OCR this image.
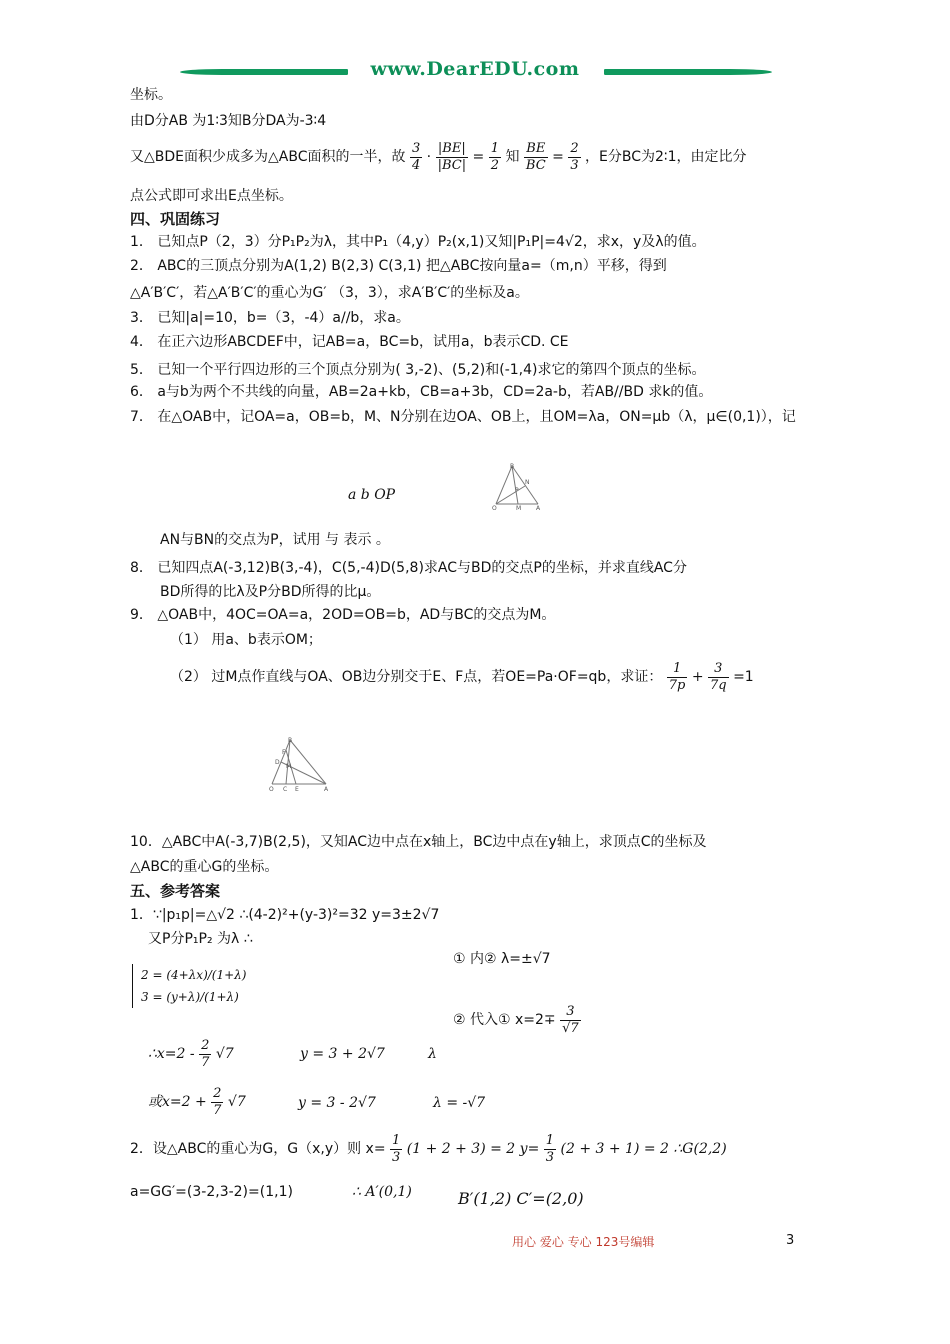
www.DearEDU.com
坐标。
由D分AB 为1∶3知B分DA为-3∶4
又△BDE面积少成多为△ABC面积的一半，故 $\frac{3}{4} \cdot \frac{|BE|}{|BC|} = \frac{1}{2}$ 知 $\frac{BE}{BC} = \frac{2}{3}$ ，E分BC为2∶1，由定比分
点公式即可求出E点坐标。
四、巩固练习
1． 已知点P（2，3）分P₁P₂为λ，其中P₁（4,y）P₂(x,1)又知|P₁P|=4√2，求x，y及λ的值。
2． ABC的三顶点分别为A(1,2) B(2,3) C(3,1) 把△ABC按向量a=（m,n）平移，得到
△A′B′C′，若△A′B′C′的重心为G′ （3，3），求A′B′C′的坐标及a。
3． 已知|a|=10，b=（3，-4）a//b，求a。
4． 在正六边形ABCDEF中，记AB=a，BC=b，试用a，b表示CD. CE
5． 已知一个平行四边形的三个顶点分别为( 3,-2)、(5,2)和(-1,4)求它的第四个顶点的坐标。
6． a与b为两个不共线的向量，AB=2a+kb，CB=a+3b，CD=2a-b，若AB//BD 求k的值。
7． 在△OAB中，记OA=a，OB=b，M、N分别在边OA、OB上，且OM=λa，ON=μb（λ，μ∈(0,1)），记
a b OP
B
N
P
O	M A
AN与BN的交点为P，试用 与 表示 。
8． 已知四点A(-3,12)B(3,-4)，C(5,-4)D(5,8)求AC与BD的交点P的坐标，并求直线AC分
BD所得的比λ及P分BD所得的比μ。
9． △OAB中，4OC=OA=a，2OD=OB=b，AD与BC的交点为M。
（1） 用a、b表示OM；
（2） 过M点作直线与OA、OB边分别交于E、F点，若OE=Pa·OF=qb，求证： $\frac{1}{7p} + \frac{3}{7q} =1$
B
F
D
M
O C E	A
10．△ABC中A(-3,7)B(2,5)，又知AC边中点在x轴上，BC边中点在y轴上，求顶点C的坐标及
△ABC的重心G的坐标。
五、参考答案
1．∵|p₁p|=△√2 ∴(4-2)²+(y-3)²=32 y=3±2√7
又P分P₁P₂ 为λ ∴
2 = (4+λx)/(1+λ)
3 = (y+λ)/(1+λ)
① 内② λ=±√7
② 代入① $x=2\mp \frac{3}{√7}$
∴x=2 - $\frac{2}{7} √7$	y = 3 + 2√7	λ
或$x=2 + \frac{2}{7} √7$	y = 3 - 2√7	λ = -√7
2．设△ABC的重心为G，G（x,y）则 $x= \frac{1}{3} (1 + 2 + 3) = 2$ $y= \frac{1}{3} (2 + 3 + 1) = 2$ ∴G(2,2)
a=GG′=(3-2,3-2)=(1,1)	∴ A′(0,1)	B′(1,2) C′=(2,0)
用心 爱心 专心 123号编辑	3
